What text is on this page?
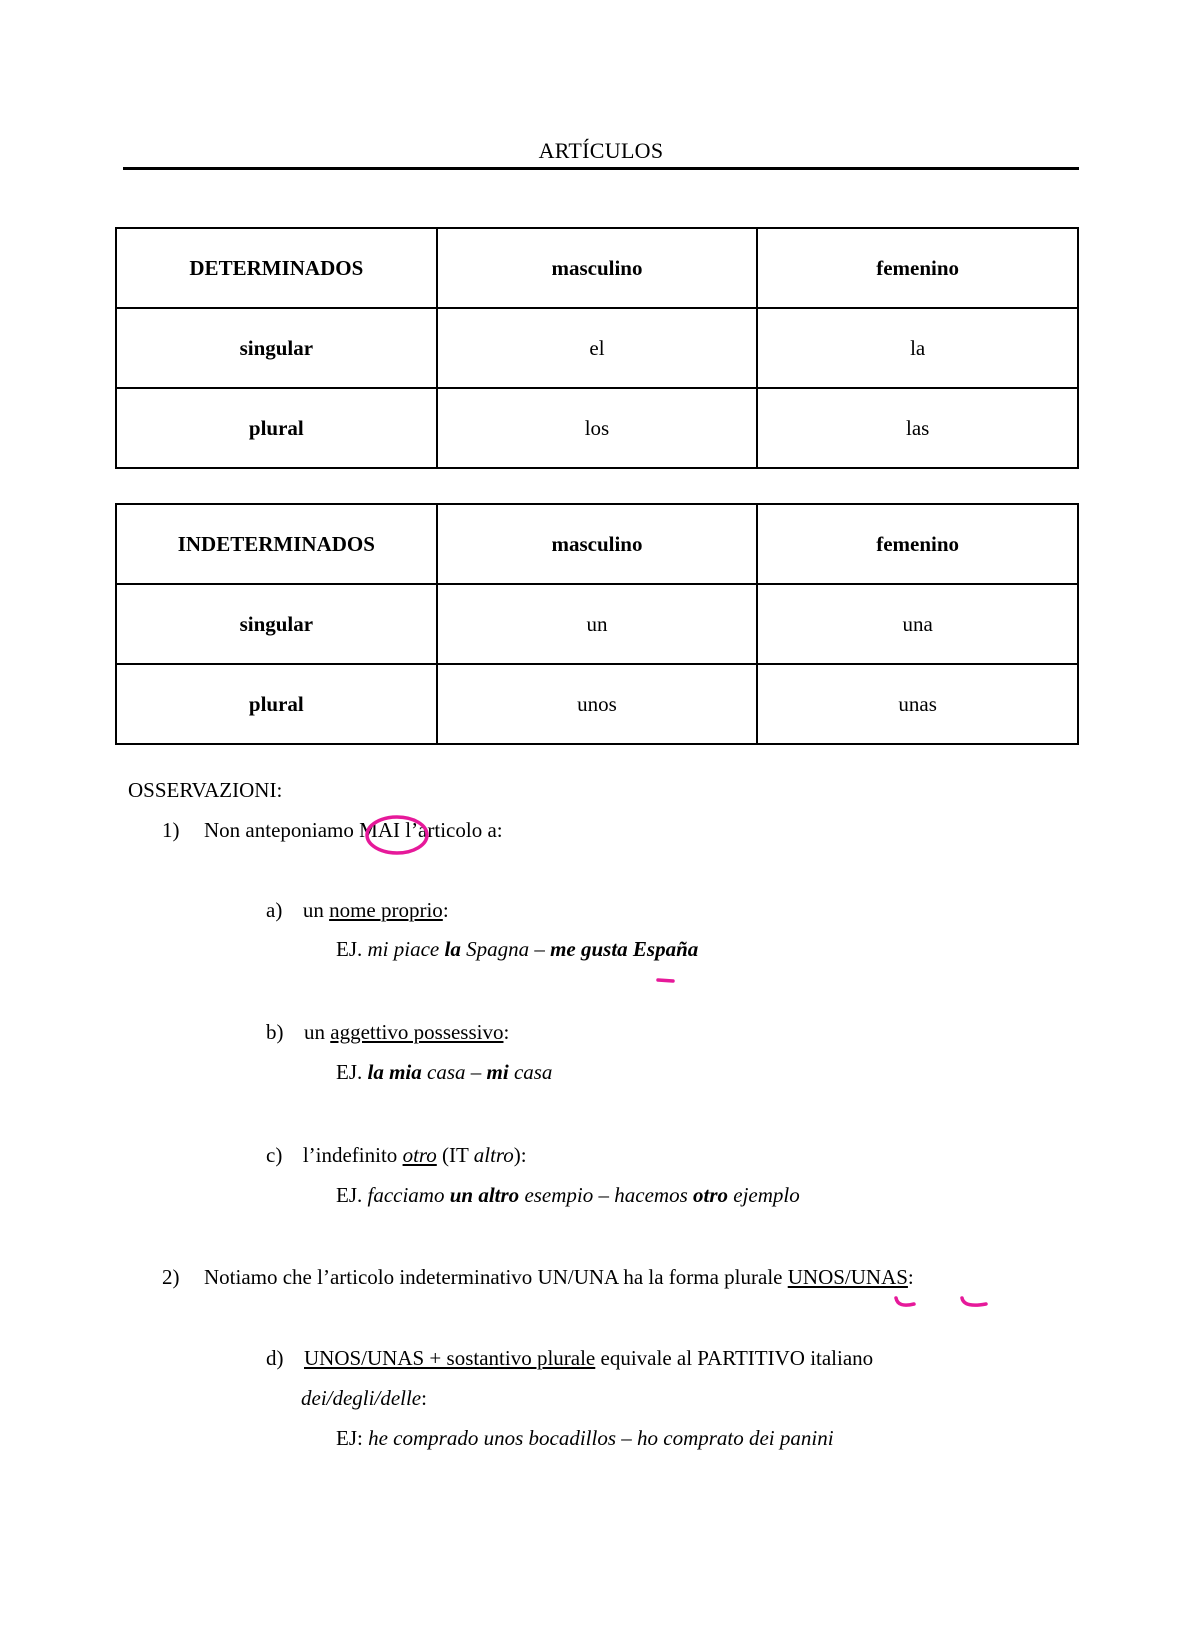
ARTÍCULOS
DETERMINADOS	masculino	femenino
singular	el	la
plural	los	las
INDETERMINADOS	masculino	femenino
singular	un	una
plural	unos	unas
OSSERVAZIONI:
1) Non anteponiamo MAI l’articolo a:
a) un nome proprio:
EJ. mi piace la Spagna – me gusta España
b) un aggettivo possessivo:
EJ. la mia casa – mi casa
c) l’indefinito otro (IT altro):
EJ. facciamo un altro esempio – hacemos otro ejemplo
2) Notiamo che l’articolo indeterminativo UN/UNA ha la forma plurale UNOS/UNAS:
d) UNOS/UNAS + sostantivo plurale equivale al PARTITIVO italiano
dei/degli/delle:
EJ: he comprado unos bocadillos – ho comprato dei panini
